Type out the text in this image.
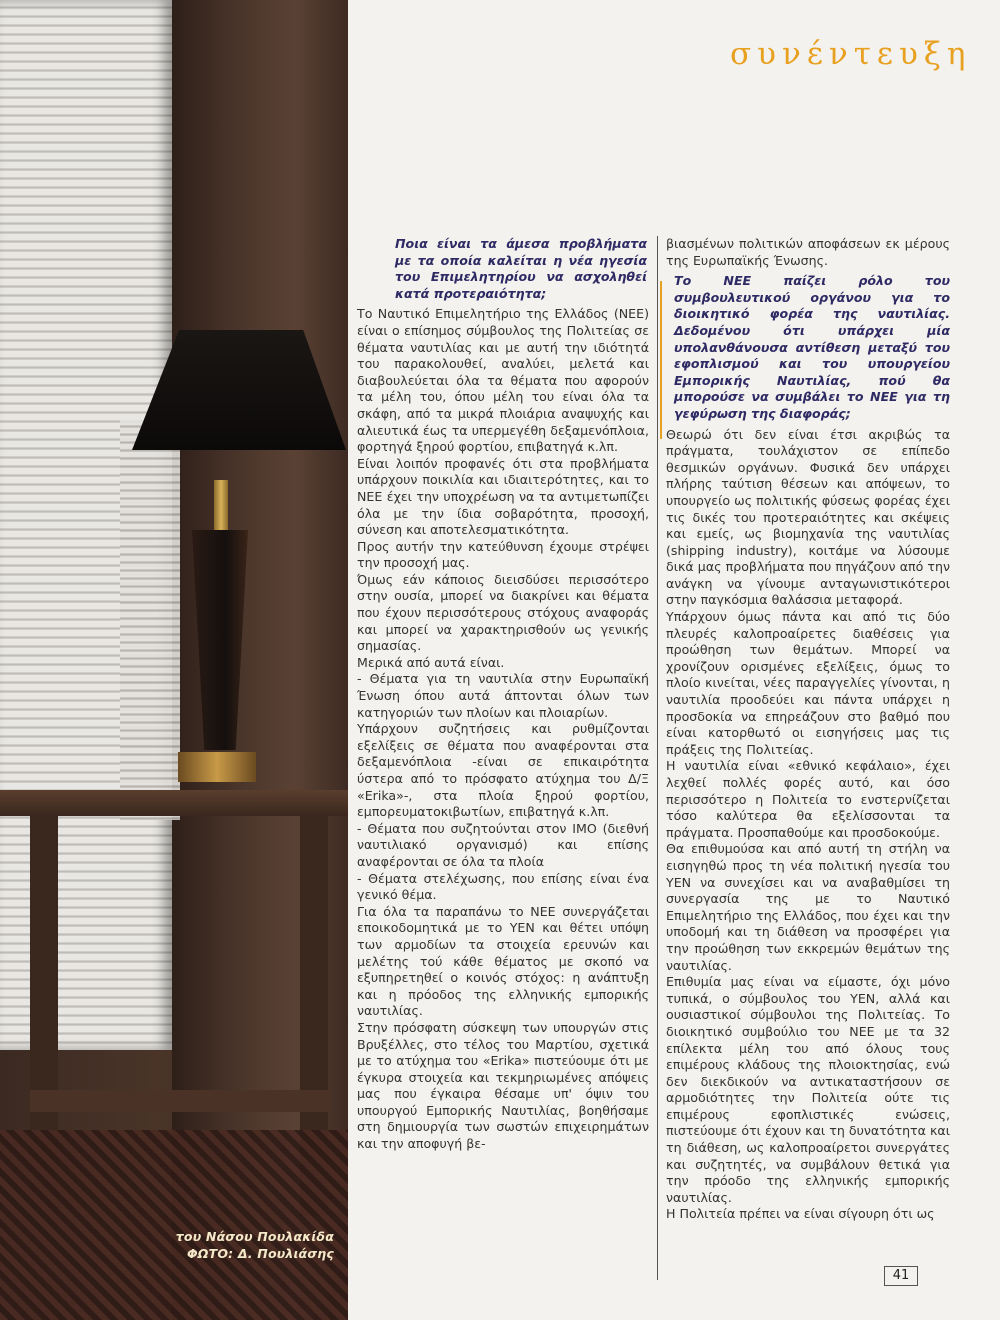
του Νάσου Πουλακίδα
ΦΩΤΟ: Δ. Πουλιάσης
συνέντευξη

Ποια είναι τα άμεσα προβλήματα με τα οποία καλείται η νέα ηγεσία του Επιμελητηρίου να ασχοληθεί κατά προτεραιότητα;

Το Ναυτικό Επιμελητήριο της Ελλάδος (ΝΕΕ) είναι ο επίσημος σύμβουλος της Πολιτείας σε θέματα ναυτιλίας και με αυτή την ιδιότητά του παρακολουθεί, αναλύει, μελετά και διαβουλεύεται όλα τα θέματα που αφορούν τα μέλη του, όπου μέλη του είναι όλα τα σκάφη, από τα μικρά πλοιάρια αναψυχής και αλιευτικά έως τα υπερμεγέθη δεξαμενόπλοια, φορτηγά ξηρού φορτίου, επιβατηγά κ.λπ.

Είναι λοιπόν προφανές ότι στα προβλήματα υπάρχουν ποικιλία και ιδιαιτερότητες, και το ΝΕΕ έχει την υποχρέωση να τα αντιμετωπίζει όλα με την ίδια σοβαρότητα, προσοχή, σύνεση και αποτελεσματικότητα.

Προς αυτήν την κατεύθυνση έχουμε στρέψει την προσοχή μας.

Όμως εάν κάποιος διεισδύσει περισσότερο στην ουσία, μπορεί να διακρίνει και θέματα που έχουν περισσότερους στόχους αναφοράς και μπορεί να χαρακτηρισθούν ως γενικής σημασίας.

Μερικά από αυτά είναι.

- Θέματα για τη ναυτιλία στην Ευρωπαϊκή Ένωση όπου αυτά άπτονται όλων των κατηγοριών των πλοίων και πλοιαρίων.

Υπάρχουν συζητήσεις και ρυθμίζονται εξελίξεις σε θέματα που αναφέρονται στα δεξαμενόπλοια -είναι σε επικαιρότητα ύστερα από το πρόσφατο ατύχημα του Δ/Ξ «Erika»-, στα πλοία ξηρού φορτίου, εμπορευματοκιβωτίων, επιβατηγά κ.λπ.

- Θέματα που συζητούνται στον ΙΜΟ (διεθνή ναυτιλιακό οργανισμό) και επίσης αναφέρονται σε όλα τα πλοία

- Θέματα στελέχωσης, που επίσης είναι ένα γενικό θέμα.

Για όλα τα παραπάνω το ΝΕΕ συνεργάζεται εποικοδομητικά με το ΥΕΝ και θέτει υπόψη των αρμοδίων τα στοιχεία ερευνών και μελέτης τού κάθε θέματος με σκοπό να εξυπηρετηθεί ο κοινός στόχος: η ανάπτυξη και η πρόοδος της ελληνικής εμπορικής ναυτιλίας.

Στην πρόσφατη σύσκεψη των υπουργών στις Βρυξέλλες, στο τέλος του Μαρτίου, σχετικά με το ατύχημα του «Erika» πιστεύουμε ότι με έγκυρα στοιχεία και τεκμηριωμένες απόψεις μας που έγκαιρα θέσαμε υπ' όψιν του υπουργού Εμπορικής Ναυτιλίας, βοηθήσαμε στη δημιουργία των σωστών επιχειρημάτων και την αποφυγή βε-

βιασμένων πολιτικών αποφάσεων εκ μέρους της Ευρωπαϊκής Ένωσης.

Το ΝΕΕ παίζει ρόλο του συμβουλευτικού οργάνου για το διοικητικό φορέα της ναυτιλίας. Δεδομένου ότι υπάρχει μία υπολανθάνουσα αντίθεση μεταξύ του εφοπλισμού και του υπουργείου Εμπορικής Ναυτιλίας, πού θα μπορούσε να συμβάλει το ΝΕΕ για τη γεφύρωση της διαφοράς;

Θεωρώ ότι δεν είναι έτσι ακριβώς τα πράγματα, τουλάχιστον σε επίπεδο θεσμικών οργάνων. Φυσικά δεν υπάρχει πλήρης ταύτιση θέσεων και απόψεων, το υπουργείο ως πολιτικής φύσεως φορέας έχει τις δικές του προτεραιότητες και σκέψεις και εμείς, ως βιομηχανία της ναυτιλίας (shipping industry), κοιτάμε να λύσουμε δικά μας προβλήματα που πηγάζουν από την ανάγκη να γίνουμε ανταγωνιστικότεροι στην παγκόσμια θαλάσσια μεταφορά.

Υπάρχουν όμως πάντα και από τις δύο πλευρές καλοπροαίρετες διαθέσεις για προώθηση των θεμάτων. Μπορεί να χρονίζουν ορισμένες εξελίξεις, όμως το πλοίο κινείται, νέες παραγγελίες γίνονται, η ναυτιλία προοδεύει και πάντα υπάρχει η προσδοκία να επηρεάζουν στο βαθμό που είναι κατορθωτό οι εισηγήσεις μας τις πράξεις της Πολιτείας.

Η ναυτιλία είναι «εθνικό κεφάλαιο», έχει λεχθεί πολλές φορές αυτό, και όσο περισσότερο η Πολιτεία το ενστερνίζεται τόσο καλύτερα θα εξελίσσονται τα πράγματα. Προσπαθούμε και προσδοκούμε.

Θα επιθυμούσα και από αυτή τη στήλη να εισηγηθώ προς τη νέα πολιτική ηγεσία του ΥΕΝ να συνεχίσει και να αναβαθμίσει τη συνεργασία της με το Ναυτικό Επιμελητήριο της Ελλάδος, που έχει και την υποδομή και τη διάθεση να προσφέρει για την προώθηση των εκκρεμών θεμάτων της ναυτιλίας.

Επιθυμία μας είναι να είμαστε, όχι μόνο τυπικά, ο σύμβουλος του ΥΕΝ, αλλά και ουσιαστικοί σύμβουλοι της Πολιτείας. Το διοικητικό συμβούλιο του ΝΕΕ με τα 32 επίλεκτα μέλη του από όλους τους επιμέρους κλάδους της πλοιοκτησίας, ενώ δεν διεκδικούν να αντικαταστήσουν σε αρμοδιότητες την Πολιτεία ούτε τις επιμέρους εφοπλιστικές ενώσεις, πιστεύουμε ότι έχουν και τη δυνατότητα και τη διάθεση, ως καλοπροαίρετοι συνεργάτες και συζητητές, να συμβάλουν θετικά για την πρόοδο της ελληνικής εμπορικής ναυτιλίας.

Η Πολιτεία πρέπει να είναι σίγουρη ότι ως

41
